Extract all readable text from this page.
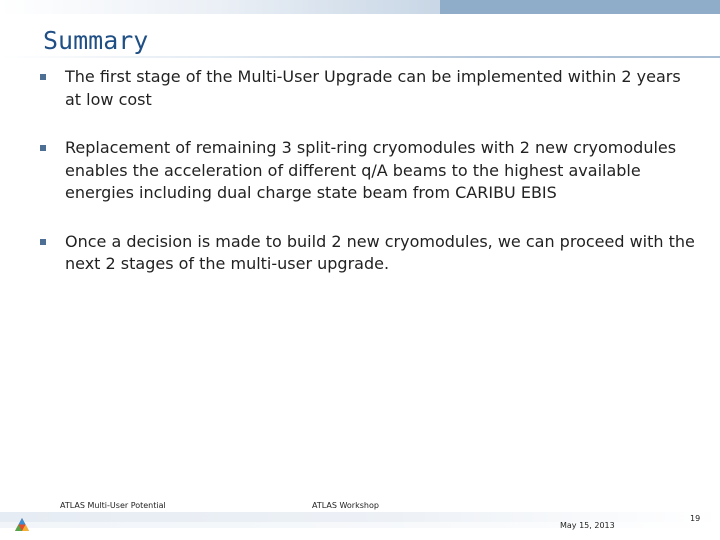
Summary
The first stage of the Multi-User Upgrade can be implemented within 2 years at low cost
Replacement of remaining 3 split-ring cryomodules with 2 new cryomodules enables the acceleration of different q/A beams to the highest available energies including dual charge state beam from CARIBU EBIS
Once a decision is made to build 2 new cryomodules, we can proceed with the next 2 stages of the multi-user upgrade.
ATLAS Multi-User Potential	ATLAS Workshop
May 15, 2013
19
